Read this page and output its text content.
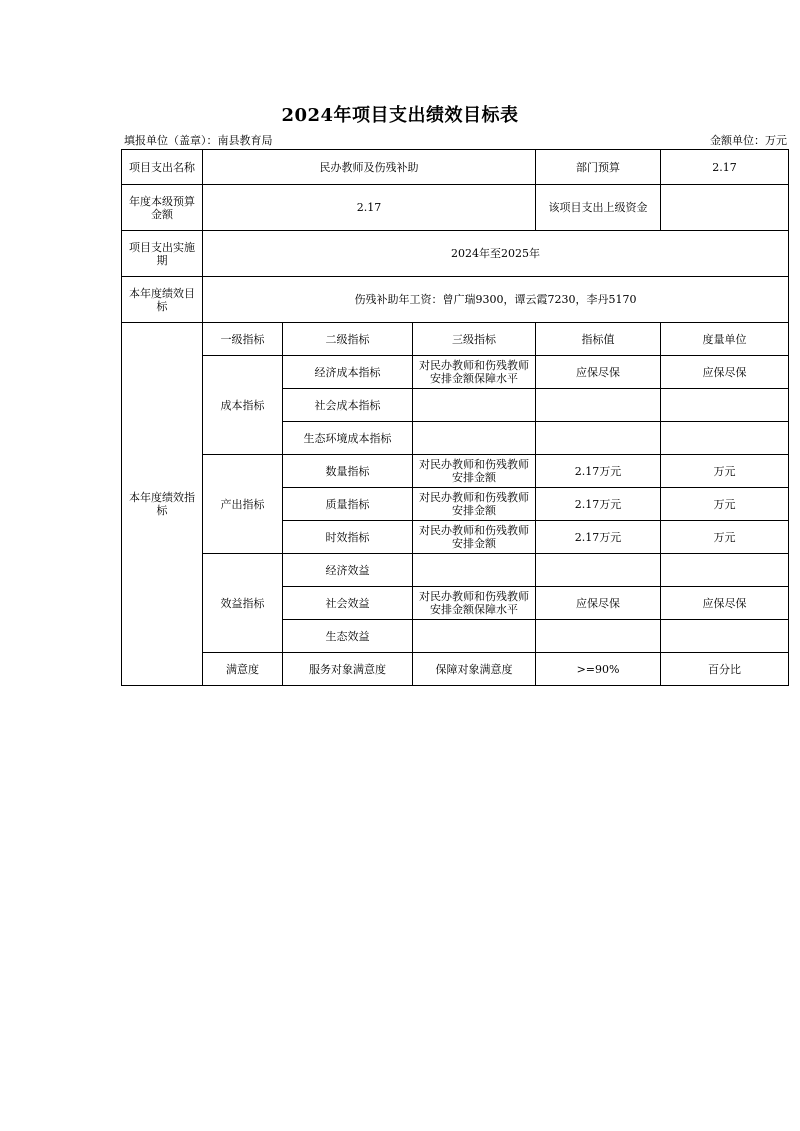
2024年项目支出绩效目标表
填报单位（盖章）：南县教育局	金额单位：万元
项目支出名称	民办教师及伤残补助			部门预算	2.17
年度本级预算金额	2.17			该项目支出上级资金	
项目支出实施期	2024年至2025年				
本年度绩效目标	伤残补助年工资：曾广瑞9300，谭云霞7230，李丹5170				
本年度绩效指标	一级指标	二级指标	三级指标	指标值	度量单位
	成本指标	经济成本指标	对民办教师和伤残教师安排金额保障水平	应保尽保	应保尽保
		社会成本指标			
		生态环境成本指标			
	产出指标	数量指标	对民办教师和伤残教师安排金额	2.17万元	万元
		质量指标	对民办教师和伤残教师安排金额	2.17万元	万元
		时效指标	对民办教师和伤残教师安排金额	2.17万元	万元
	效益指标	经济效益			
		社会效益	对民办教师和伤残教师安排金额保障水平	应保尽保	应保尽保
		生态效益			
	满意度	服务对象满意度	保障对象满意度	>=90%	百分比
